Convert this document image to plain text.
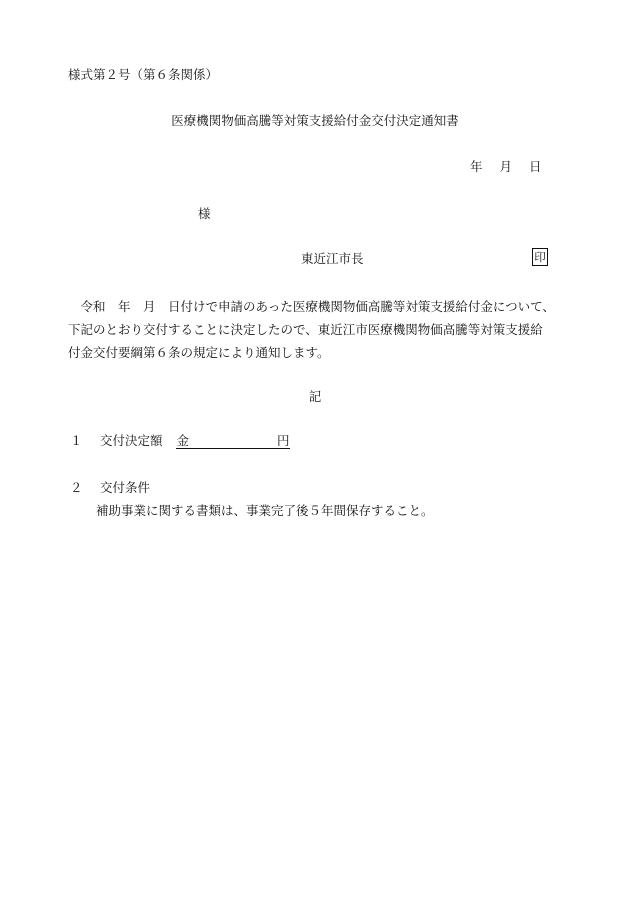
様式第２号（第６条関係）
医療機関物価高騰等対策支援給付金交付決定通知書
年 月 日
様
東近江市長	印
　令和　年　月　日付けで申請のあった医療機関物価高騰等対策支援給付金について、
下記のとおり交付することに決定したので、東近江市医療機関物価高騰等対策支援給
付金交付要綱第６条の規定により通知します。
記
１ 交付決定額 金	円
２ 交付条件
補助事業に関する書類は、事業完了後５年間保存すること。
